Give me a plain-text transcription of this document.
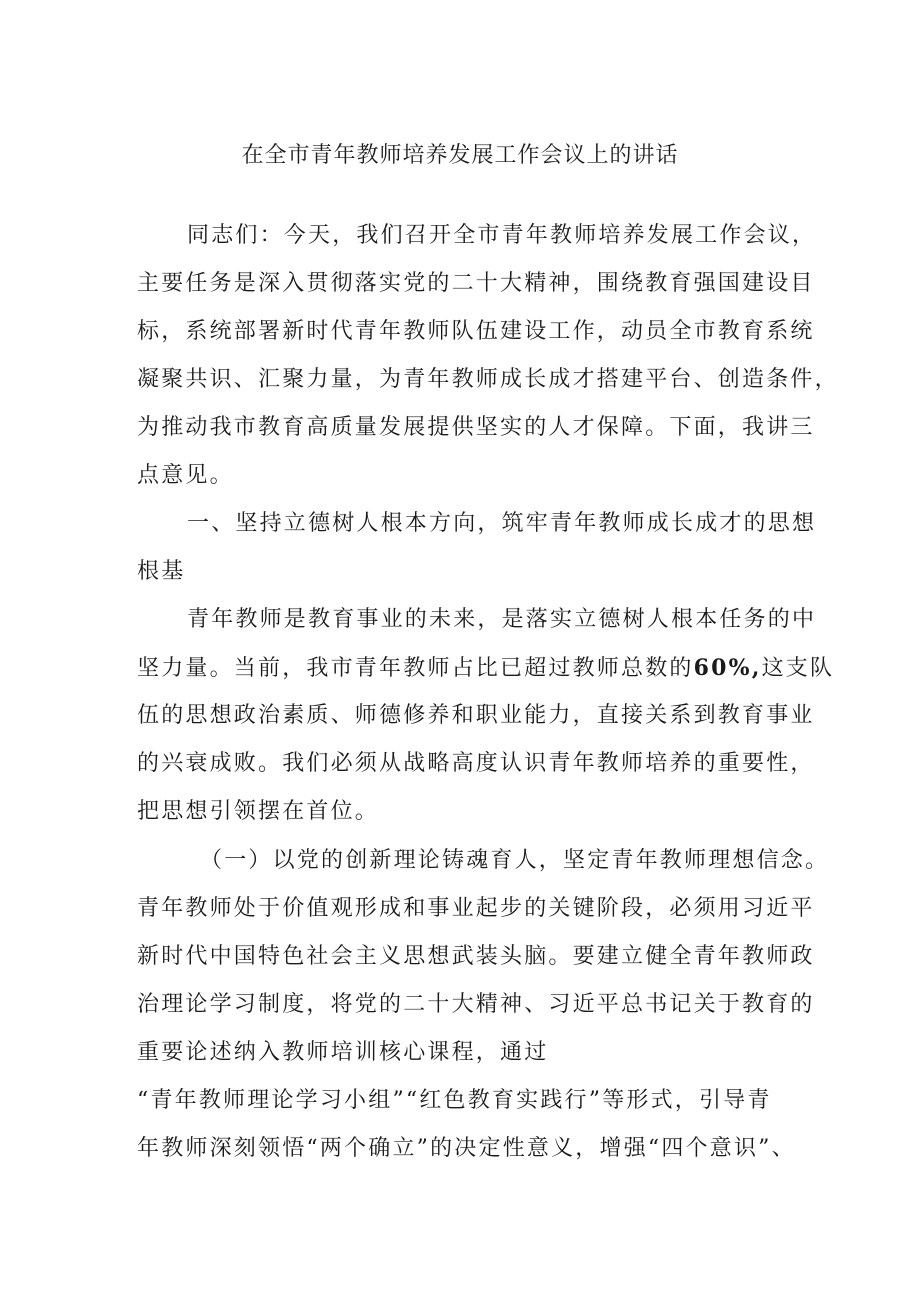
在全市青年教师培养发展工作会议上的讲话

同志们：今天，我们召开全市青年教师培养发展工作会议，

主要任务是深入贯彻落实党的二十大精神，围绕教育强国建设目

标，系统部署新时代青年教师队伍建设工作，动员全市教育系统

凝聚共识、汇聚力量，为青年教师成长成才搭建平台、创造条件，

为推动我市教育高质量发展提供坚实的人才保障。下面，我讲三

点意见。

一、坚持立德树人根本方向，筑牢青年教师成长成才的思想

根基

青年教师是教育事业的未来，是落实立德树人根本任务的中

坚力量。当前，我市青年教师占比已超过教师总数的60%,这支队

伍的思想政治素质、师德修养和职业能力，直接关系到教育事业

的兴衰成败。我们必须从战略高度认识青年教师培养的重要性，

把思想引领摆在首位。

（一）以党的创新理论铸魂育人，坚定青年教师理想信念。

青年教师处于价值观形成和事业起步的关键阶段，必须用习近平

新时代中国特色社会主义思想武装头脑。要建立健全青年教师政

治理论学习制度，将党的二十大精神、习近平总书记关于教育的

重要论述纳入教师培训核心课程，通过

“青年教师理论学习小组”“红色教育实践行”等形式，引导青

年教师深刻领悟“两个确立”的决定性意义，增强“四个意识”、
